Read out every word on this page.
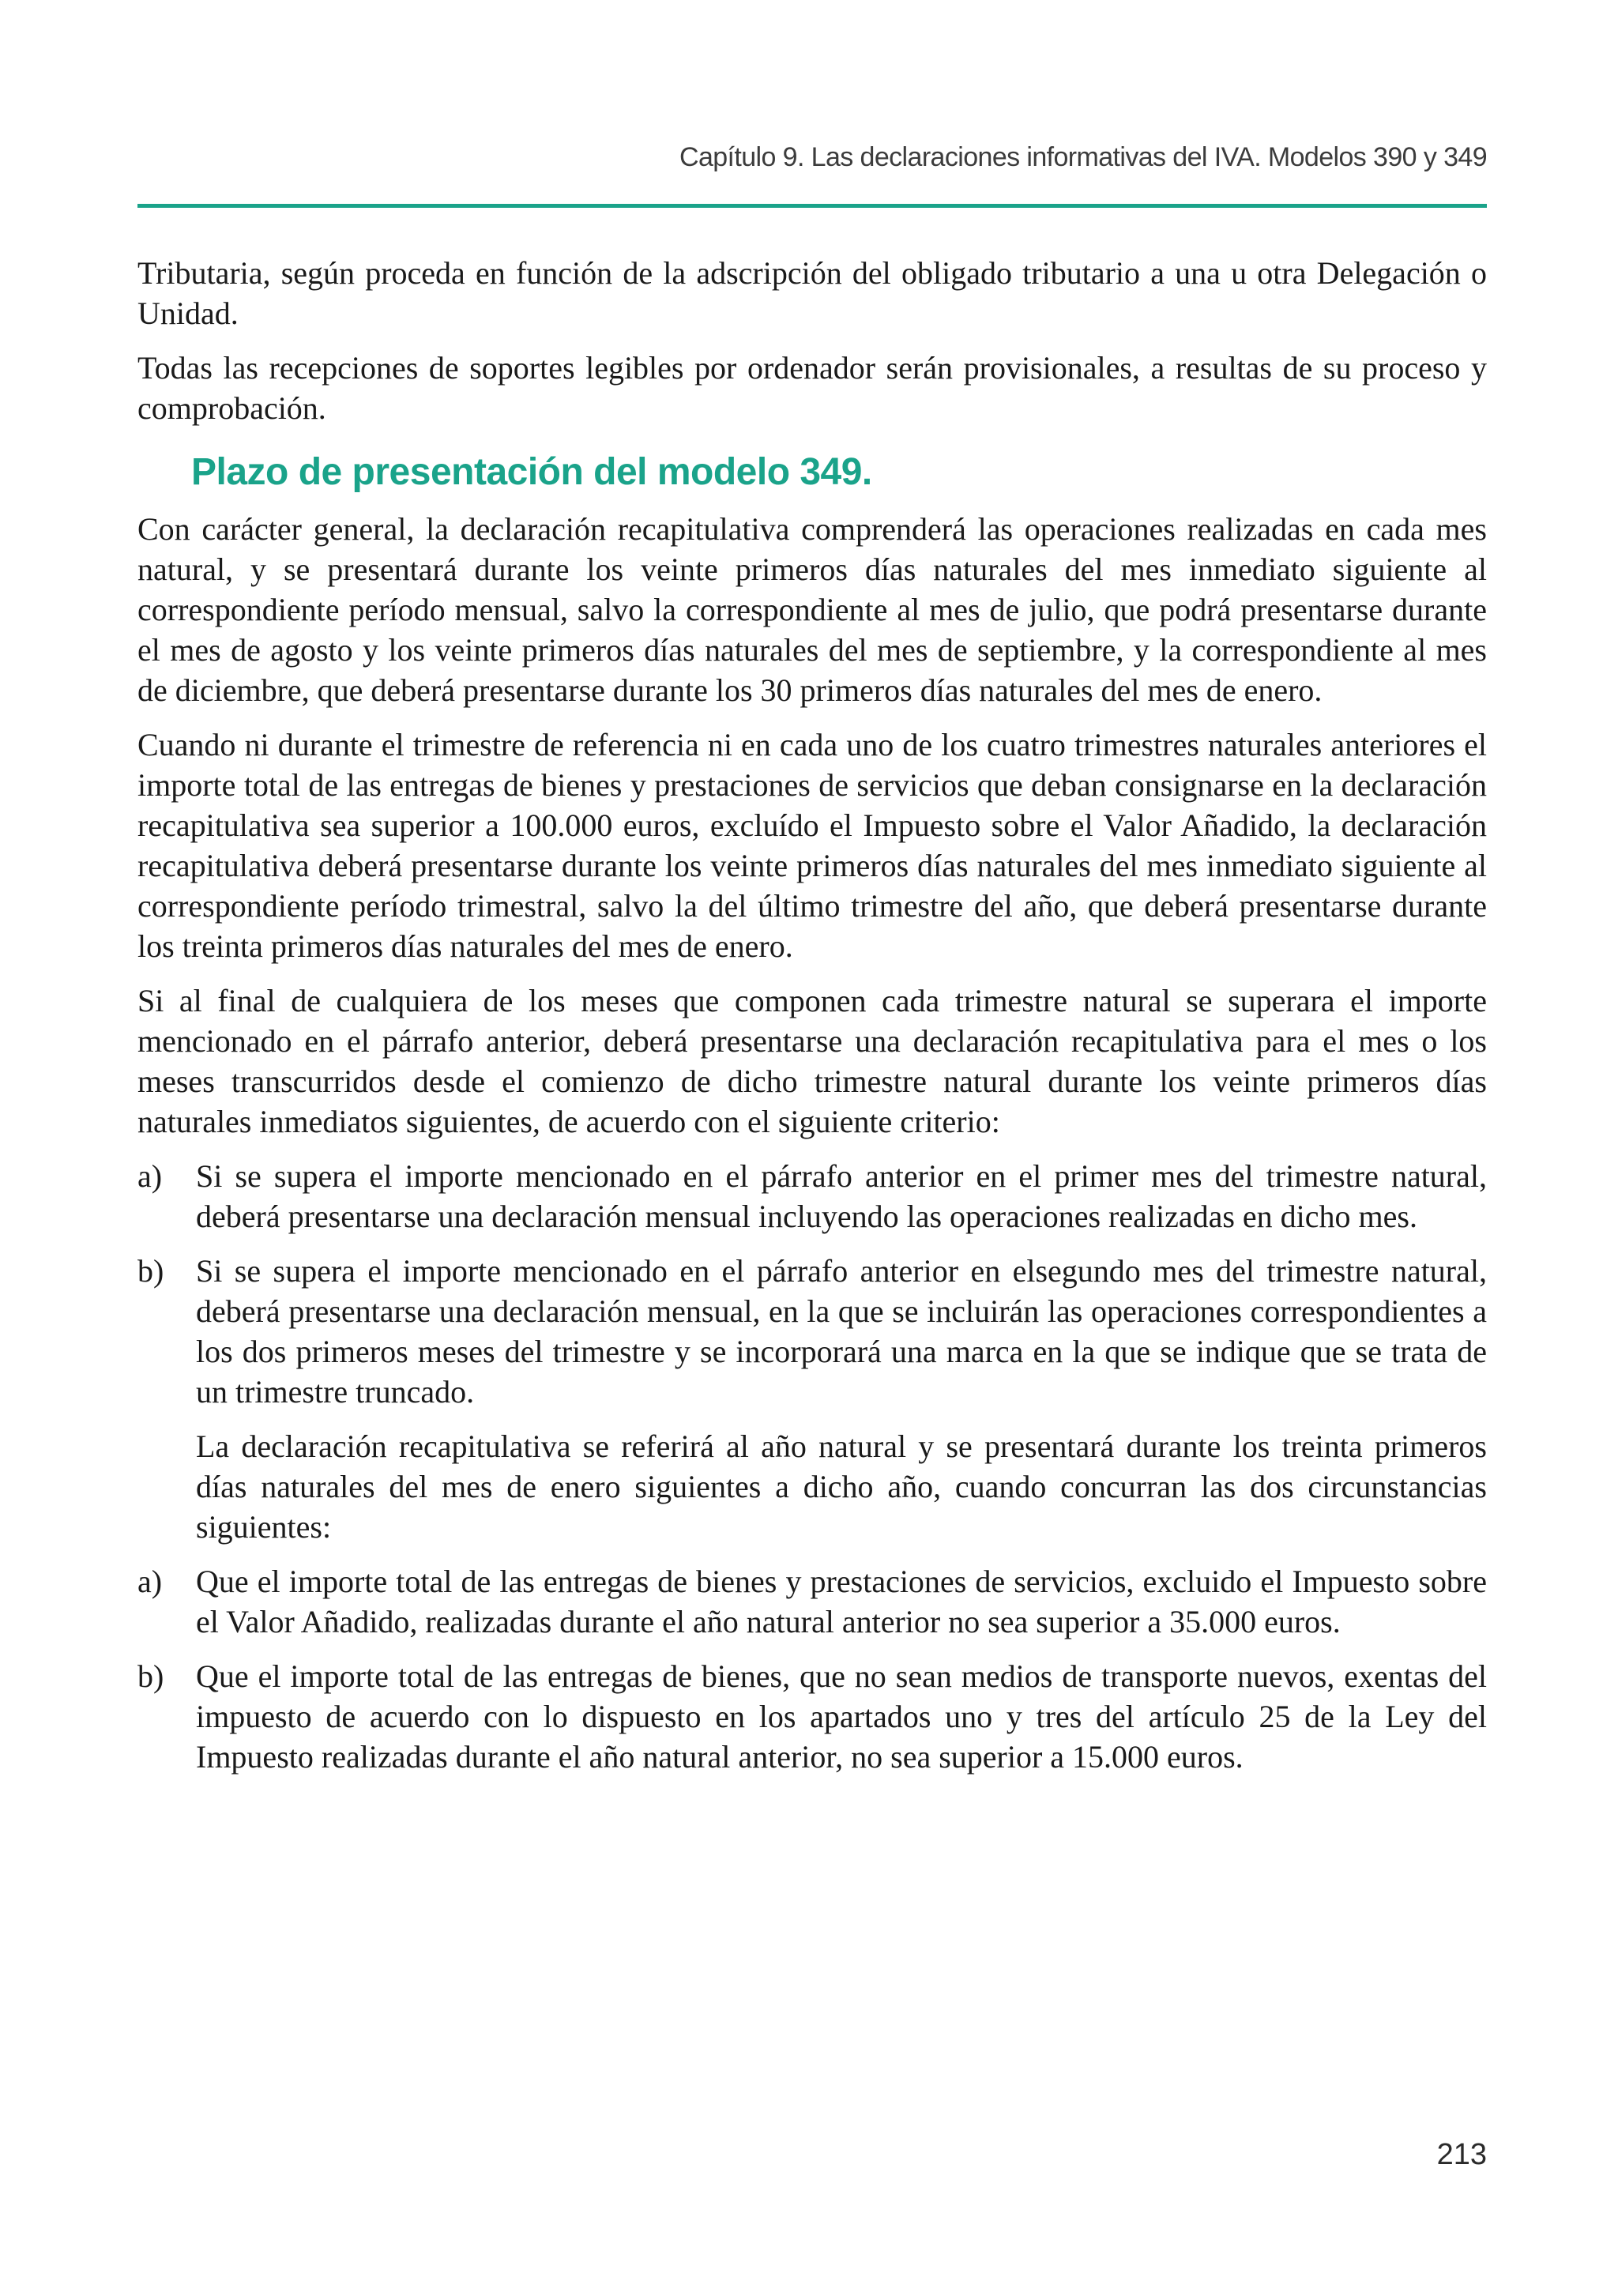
Capítulo 9. Las declaraciones informativas del IVA. Modelos 390 y 349

Tributaria, según proceda en función de la adscripción del obligado tributario a una u otra Delegación o Unidad.

Todas las recepciones de soportes legibles por ordenador serán provisionales, a resultas de su proceso y comprobación.

Plazo de presentación del modelo 349.

Con carácter general, la declaración recapitulativa comprenderá las operaciones realizadas en cada mes natural, y se presentará durante los veinte primeros días naturales del mes inmediato siguiente al correspondiente período mensual, salvo la correspondiente al mes de julio, que podrá presentarse durante el mes de agosto y los veinte primeros días naturales del mes de septiembre, y la correspondiente al mes de diciembre, que deberá presentarse durante los 30 primeros días naturales del mes de enero.

Cuando ni durante el trimestre de referencia ni en cada uno de los cuatro trimestres naturales anteriores el importe total de las entregas de bienes y prestaciones de servicios que deban consignarse en la declaración recapitulativa sea superior a 100.000 euros, excluído el Impuesto sobre el Valor Añadido, la declaración recapitulativa deberá presentarse durante los veinte primeros días naturales del mes inmediato siguiente al correspondiente período trimestral, salvo la del último trimestre del año, que deberá presentarse durante los treinta primeros días naturales del mes de enero.

Si al final de cualquiera de los meses que componen cada trimestre natural se superara el importe mencionado en el párrafo anterior, deberá presentarse una declaración recapitulativa para el mes o los meses transcurridos desde el comienzo de dicho trimestre natural durante los veinte primeros días naturales inmediatos siguientes, de acuerdo con el siguiente criterio:

a)	Si se supera el importe mencionado en el párrafo anterior en el primer mes del trimestre natural, deberá presentarse una declaración mensual incluyendo las operaciones realizadas en dicho mes.
b)	Si se supera el importe mencionado en el párrafo anterior en elsegundo mes del trimestre natural, deberá presentarse una declaración mensual, en la que se incluirán las operaciones correspondientes a los dos primeros meses del trimestre y se incorporará una marca en la que se indique que se trata de un trimestre truncado.

La declaración recapitulativa se referirá al año natural y se presentará durante los treinta primeros días naturales del mes de enero siguientes a dicho año, cuando concurran las dos circunstancias siguientes:

a)	Que el importe total de las entregas de bienes y prestaciones de servicios, excluido el Impuesto sobre el Valor Añadido, realizadas durante el año natural anterior no sea superior a 35.000 euros.
b)	Que el importe total de las entregas de bienes, que no sean medios de transporte nuevos, exentas del impuesto de acuerdo con lo dispuesto en los apartados uno y tres del artículo 25 de la Ley del Impuesto realizadas durante el año natural anterior, no sea superior a 15.000 euros.
213
